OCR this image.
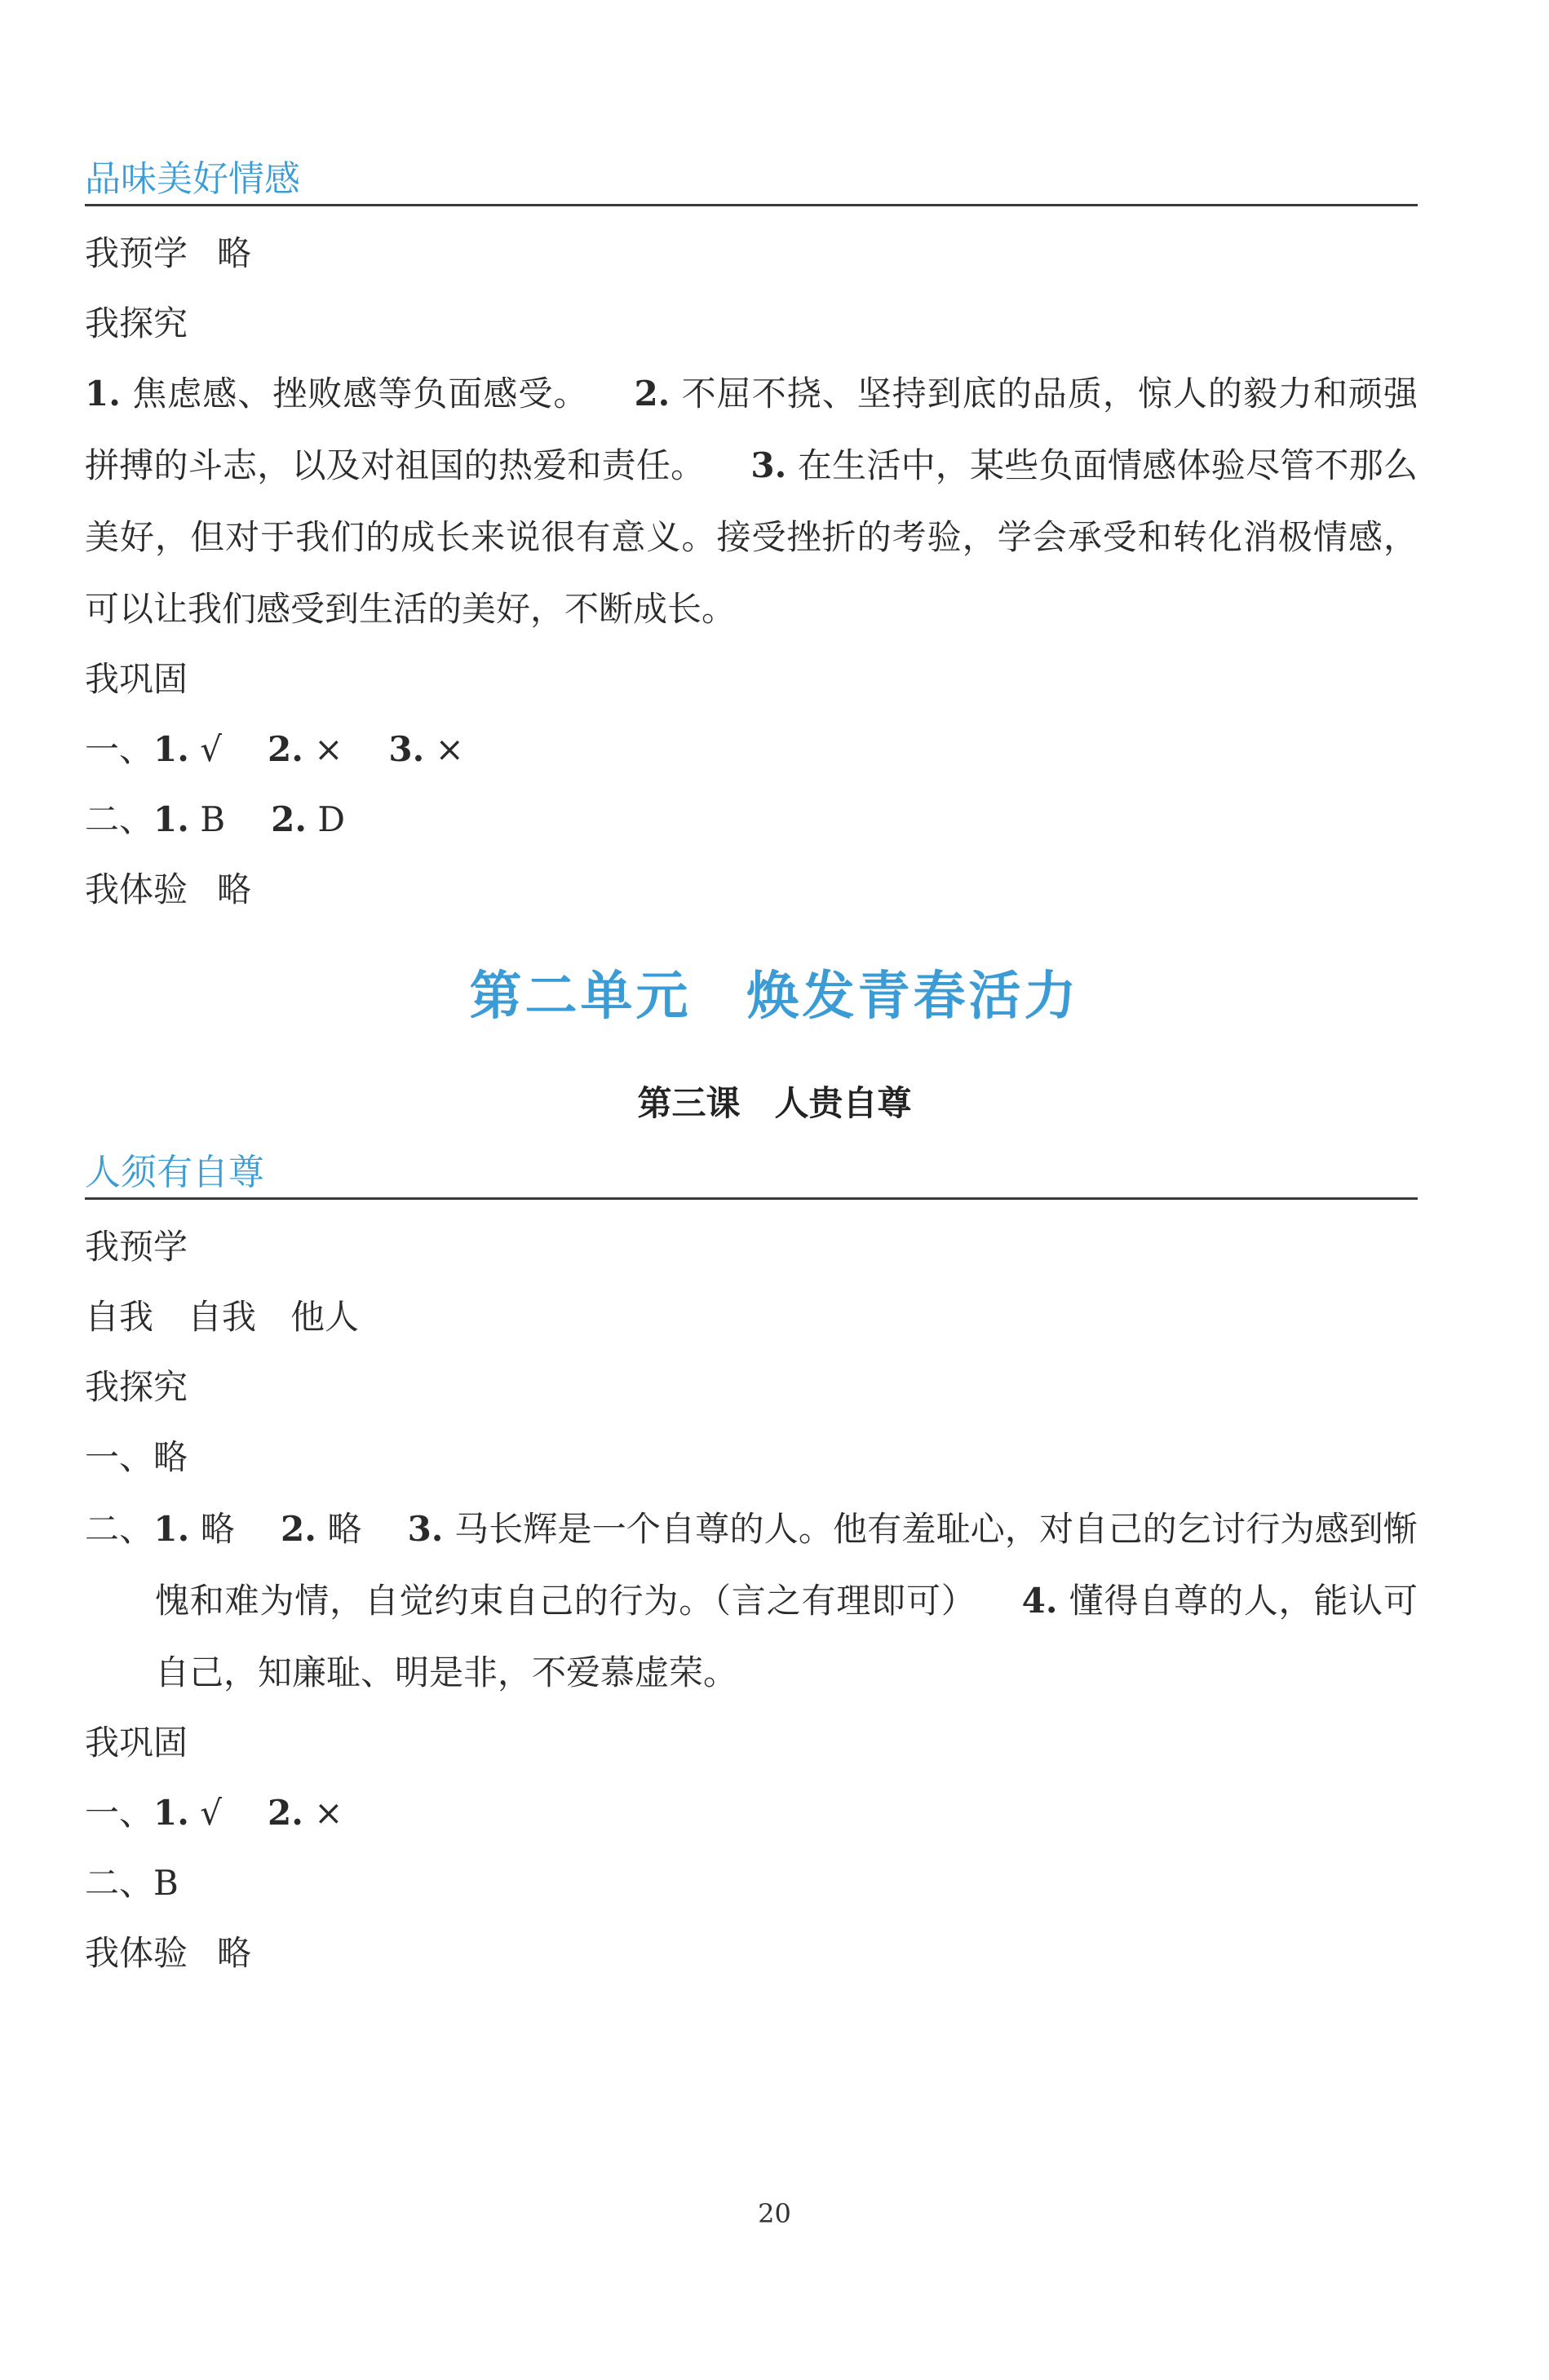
品味美好情感
我预学 略
我探究
1. 焦虑感、挫败感等负面感受。 2. 不屈不挠、坚持到底的品质，惊人的毅力和顽强拼搏的斗志，以及对祖国的热爱和责任。 3. 在生活中，某些负面情感体验尽管不那么美好，但对于我们的成长来说很有意义。接受挫折的考验，学会承受和转化消极情感，可以让我们感受到生活的美好，不断成长。
我巩固
一、1. √ 2. × 3. ×
二、1. B 2. D
我体验 略
第二单元　焕发青春活力
第三课　人贵自尊
人须有自尊
我预学
自我　自我　他人
我探究
一、略
二、1. 略 2. 略 3. 马长辉是一个自尊的人。他有羞耻心，对自己的乞讨行为感到惭愧和难为情，自觉约束自己的行为。（言之有理即可） 4. 懂得自尊的人，能认可自己，知廉耻、明是非，不爱慕虚荣。
我巩固
一、1. √ 2. ×
二、B
我体验 略
20
